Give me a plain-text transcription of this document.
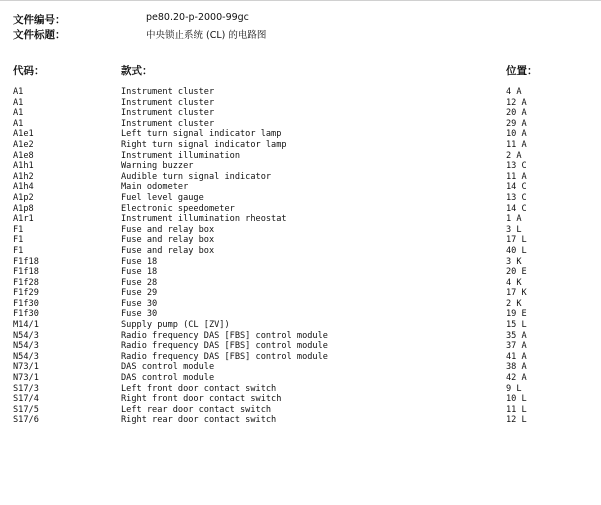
文件编号：	pe80.20-p-2000-99gc
文件标题：	中央锁止系统 (CL) 的电路图
代码：	款式：	位置：
A1	Instrument cluster	4 A
A1	Instrument cluster	12 A
A1	Instrument cluster	20 A
A1	Instrument cluster	29 A
A1e1	Left turn signal indicator lamp	10 A
A1e2	Right turn signal indicator lamp	11 A
A1e8	Instrument illumination	2 A
A1h1	Warning buzzer	13 C
A1h2	Audible turn signal indicator	11 A
A1h4	Main odometer	14 C
A1p2	Fuel level gauge	13 C
A1p8	Electronic speedometer	14 C
A1r1	Instrument illumination rheostat	1 A
F1	Fuse and relay box	3 L
F1	Fuse and relay box	17 L
F1	Fuse and relay box	40 L
F1f18	Fuse 18	3 K
F1f18	Fuse 18	20 E
F1f28	Fuse 28	4 K
F1f29	Fuse 29	17 K
F1f30	Fuse 30	2 K
F1f30	Fuse 30	19 E
M14/1	Supply pump (CL [ZV])	15 L
N54/3	Radio frequency DAS [FBS] control module	35 A
N54/3	Radio frequency DAS [FBS] control module	37 A
N54/3	Radio frequency DAS [FBS] control module	41 A
N73/1	DAS control module	38 A
N73/1	DAS control module	42 A
S17/3	Left front door contact switch	9 L
S17/4	Right front door contact switch	10 L
S17/5	Left rear door contact switch	11 L
S17/6	Right rear door contact switch	12 L
